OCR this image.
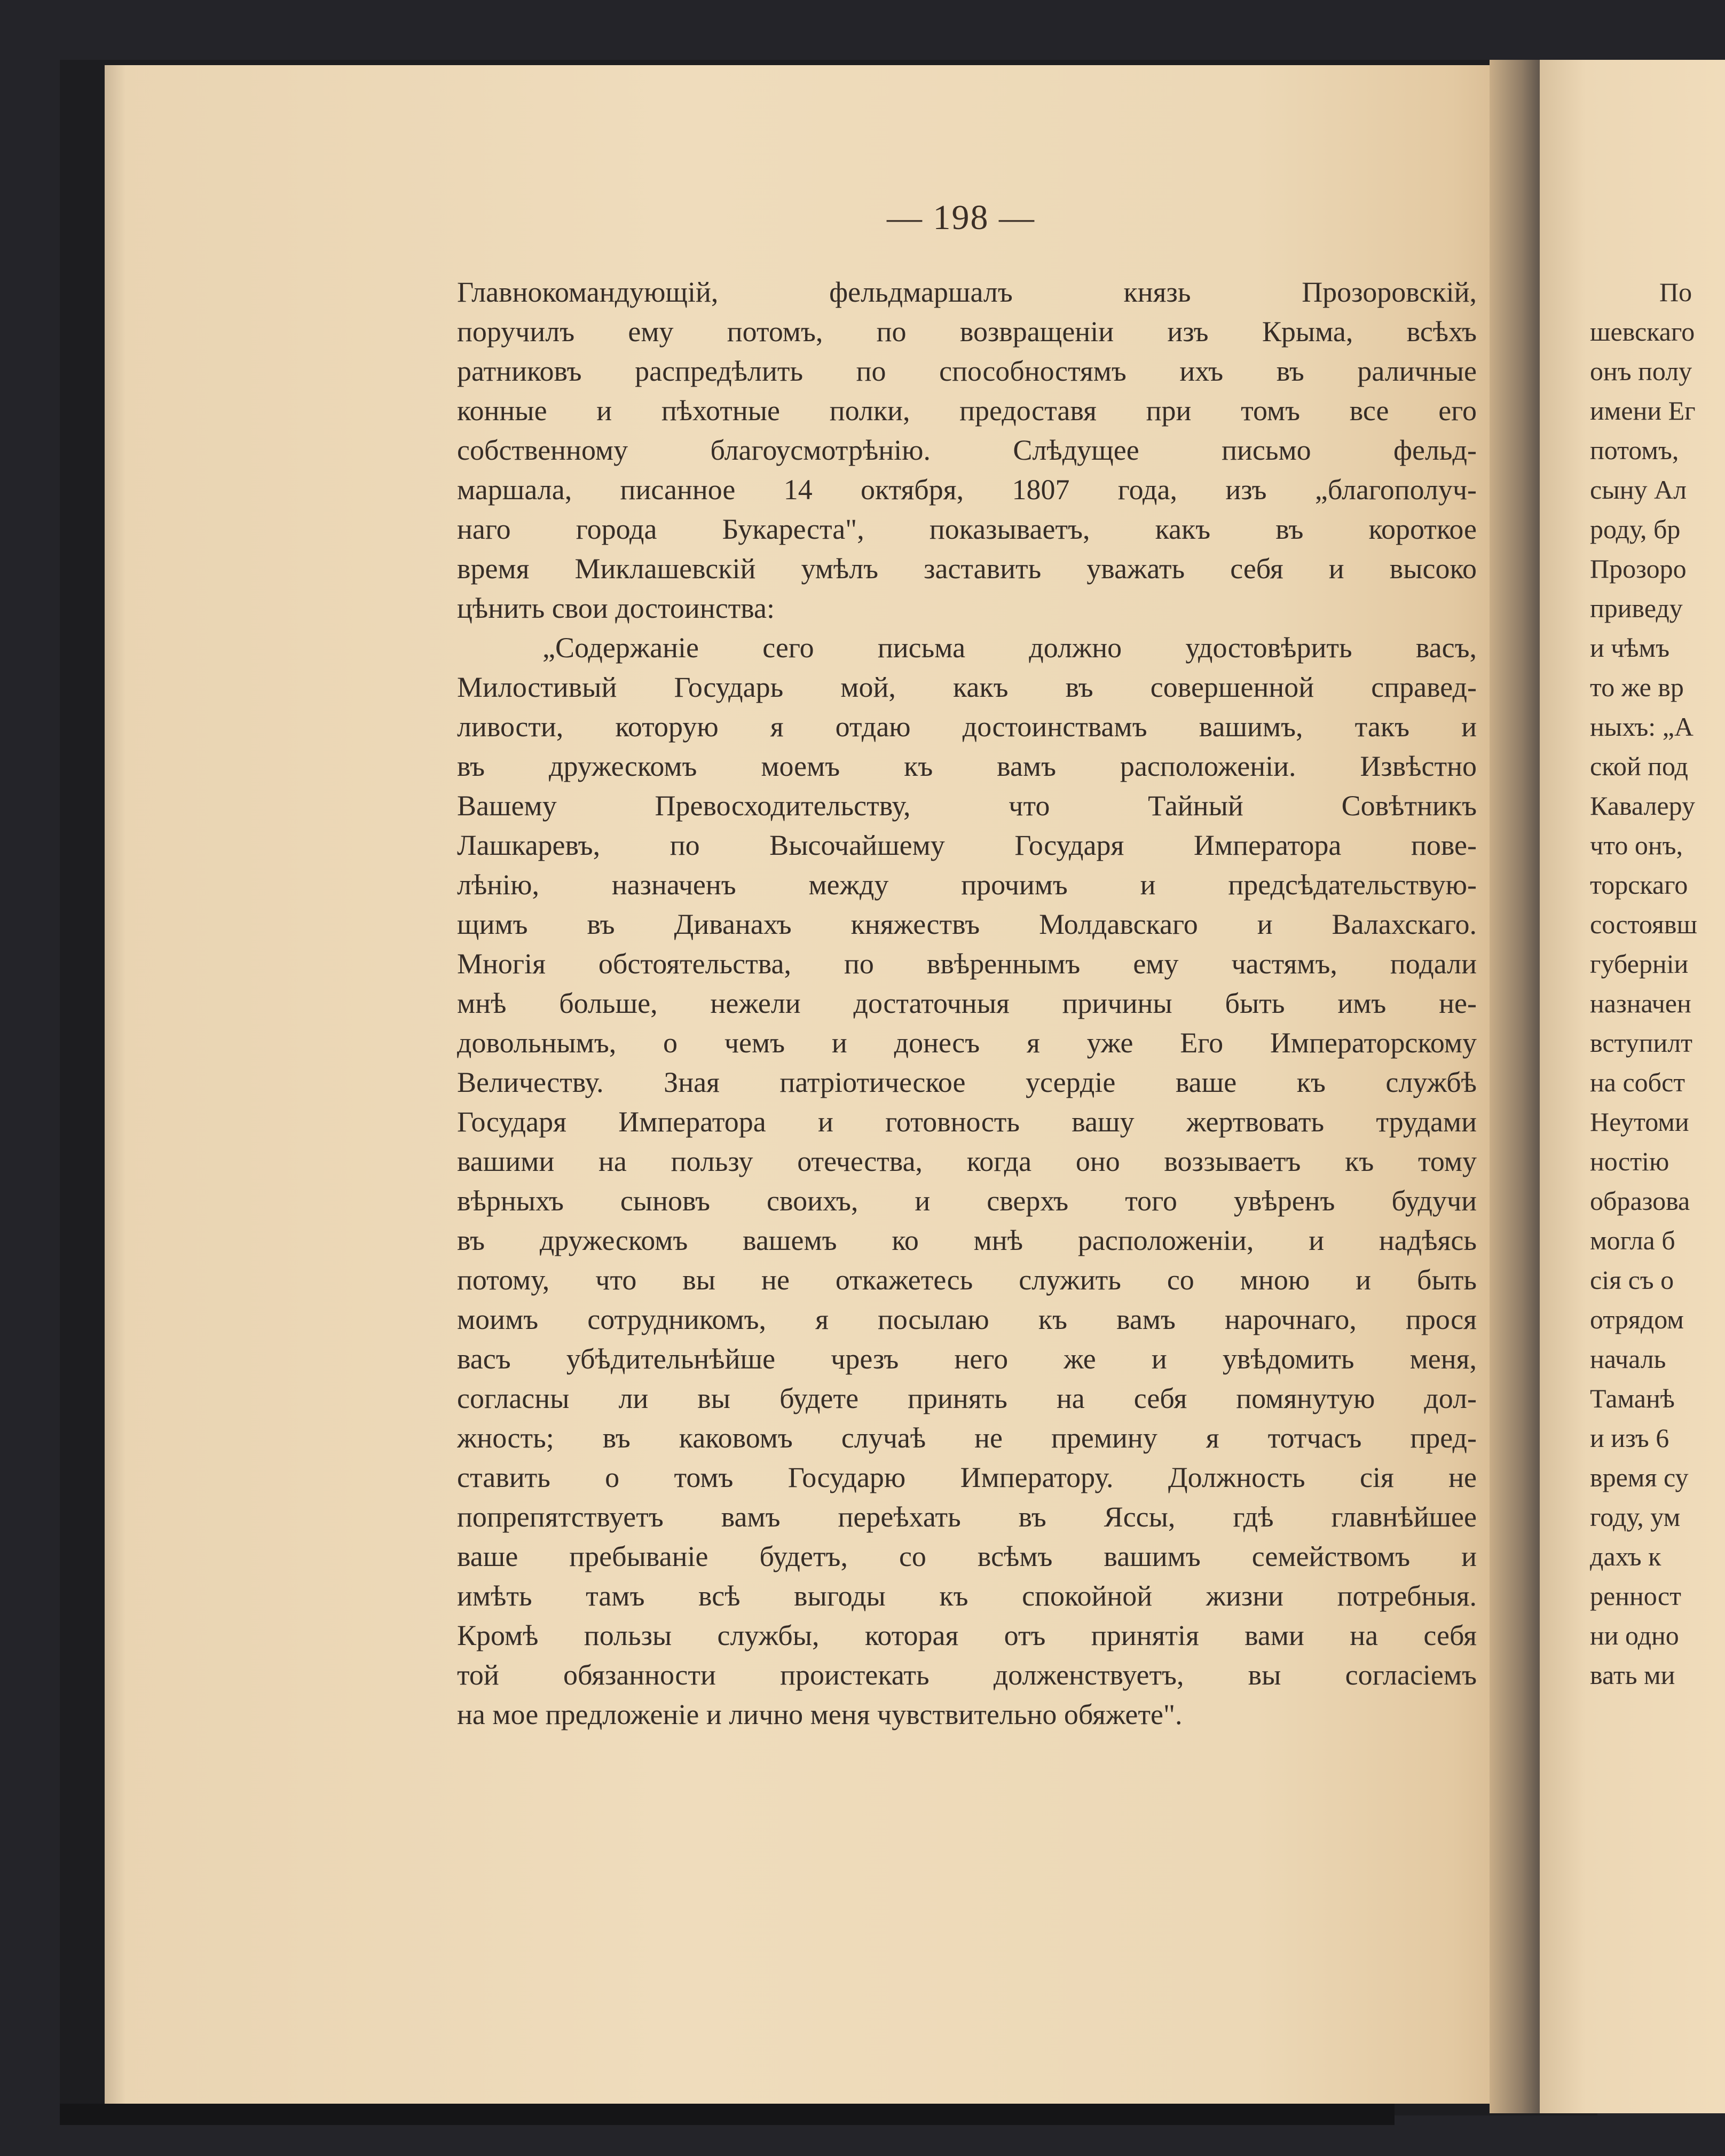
— 198 —
Главнокомандующій, фельдмаршалъ князь Прозоровскій,
поручилъ ему потомъ, по возвращеніи изъ Крыма, всѣхъ
ратниковъ распредѣлить по способностямъ ихъ въ раличные
конные и пѣхотные полки, предоставя при томъ все его
собственному благоусмотрѣнію. Слѣдущее письмо фельд-
маршала, писанное 14 октября, 1807 года, изъ „благополуч-
наго города Букареста", показываетъ, какъ въ короткое
время Миклашевскій умѣлъ заставить уважать себя и высоко
цѣнить свои достоинства:
„Содержаніе сего письма должно удостовѣрить васъ,
Милостивый Государь мой, какъ въ совершенной справед-
ливости, которую я отдаю достоинствамъ вашимъ, такъ и
въ дружескомъ моемъ къ вамъ расположеніи. Извѣстно
Вашему Превосходительству, что Тайный Совѣтникъ
Лашкаревъ, по Высочайшему Государя Императора пове-
лѣнію, назначенъ между прочимъ и предсѣдательствую-
щимъ въ Диванахъ княжествъ Молдавскаго и Валахскаго.
Многія обстоятельства, по ввѣреннымъ ему частямъ, подали
мнѣ больше, нежели достаточныя причины быть имъ не-
довольнымъ, о чемъ и донесъ я уже Его Императорскому
Величеству. Зная патріотическое усердіе ваше къ службѣ
Государя Императора и готовность вашу жертвовать трудами
вашими на пользу отечества, когда оно воззываетъ къ тому
вѣрныхъ сыновъ своихъ, и сверхъ того увѣренъ будучи
въ дружескомъ вашемъ ко мнѣ расположеніи, и надѣясь
потому, что вы не откажетесь служить со мною и быть
моимъ сотрудникомъ, я посылаю къ вамъ нарочнаго, прося
васъ убѣдительнѣйше чрезъ него же и увѣдомить меня,
согласны ли вы будете принять на себя помянутую дол-
жность; въ каковомъ случаѣ не премину я тотчасъ пред-
ставить о томъ Государю Императору. Должность сія не
попрепятствуетъ вамъ переѣхать въ Яссы, гдѣ главнѣйшее
ваше пребываніе будетъ, со всѣмъ вашимъ семействомъ и
имѣть тамъ всѣ выгоды къ спокойной жизни потребныя.
Кромѣ пользы службы, которая отъ принятія вами на себя
той обязанности проистекать долженствуетъ, вы согласіемъ
на мое предложеніе и лично меня чувствительно обяжете".
По
шевскаго
онъ полу
имени Ег
потомъ,
сыну Ал
роду, бр
Прозоро
приведу
и чѣмъ
то же вр
ныхъ: „А
ской под
Кавалеру
что онъ,
торскаго
состоявш
губерніи
назначен
вступилт
на собст
Неутоми
ностію
образова
могла б
сія съ о
отрядом
началь
Таманѣ
и изъ 6
время су
году, ум
дахъ к
ренност
ни одно
вать ми
